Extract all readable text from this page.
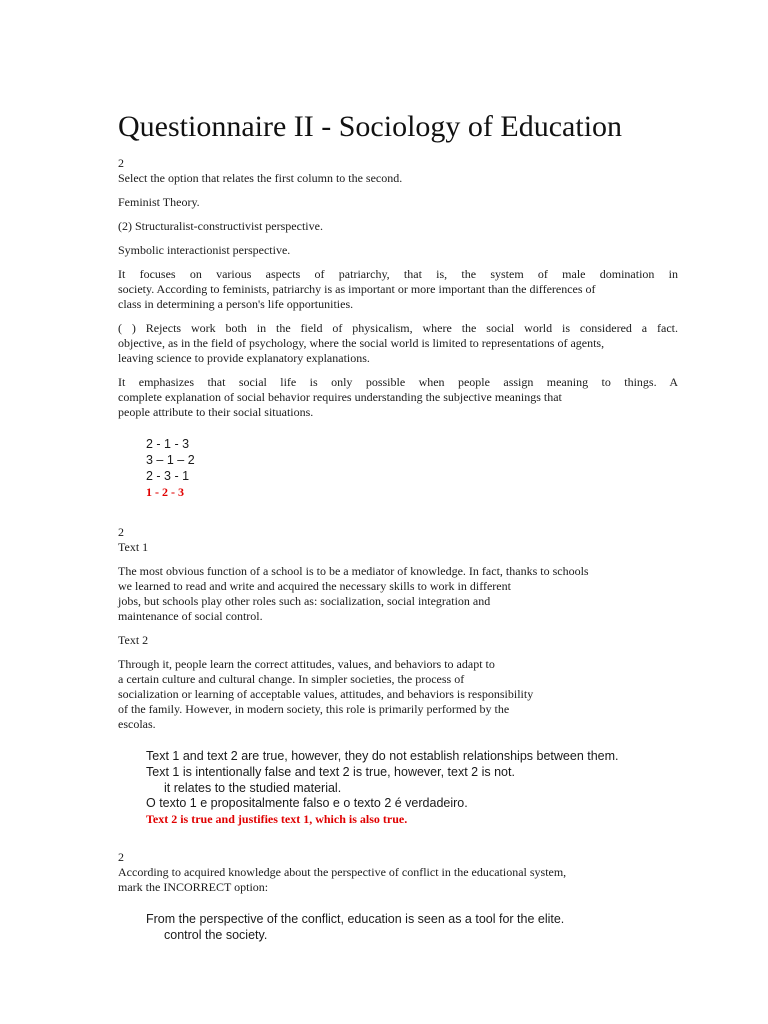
Questionnaire II - Sociology of Education

2

Select the option that relates the first column to the second.

Feminist Theory.

(2) Structuralist-constructivist perspective.

Symbolic interactionist perspective.

It focuses on various aspects of patriarchy, that is, the system of male domination in

society. According to feminists, patriarchy is as important or more important than the differences of

class in determining a person's life opportunities.

( ) Rejects work both in the field of physicalism, where the social world is considered a fact.

objective, as in the field of psychology, where the social world is limited to representations of agents,

leaving science to provide explanatory explanations.

It emphasizes that social life is only possible when people assign meaning to things. A

complete explanation of social behavior requires understanding the subjective meanings that

people attribute to their social situations.

2 - 1 - 3
3 – 1 – 2
2 - 3 - 1
1 - 2 - 3

2

Text 1

The most obvious function of a school is to be a mediator of knowledge. In fact, thanks to schools

we learned to read and write and acquired the necessary skills to work in different

jobs, but schools play other roles such as: socialization, social integration and

maintenance of social control.

Text 2

Through it, people learn the correct attitudes, values, and behaviors to adapt to

a certain culture and cultural change. In simpler societies, the process of

socialization or learning of acceptable values, attitudes, and behaviors is responsibility

of the family. However, in modern society, this role is primarily performed by the

escolas.

Text 1 and text 2 are true, however, they do not establish relationships between them.
Text 1 is intentionally false and text 2 is true, however, text 2 is not.
it relates to the studied material.
O texto 1 e propositalmente falso e o texto 2 é verdadeiro.
Text 2 is true and justifies text 1, which is also true.

2

According to acquired knowledge about the perspective of conflict in the educational system,

mark the INCORRECT option:

From the perspective of the conflict, education is seen as a tool for the elite.
control the society.
